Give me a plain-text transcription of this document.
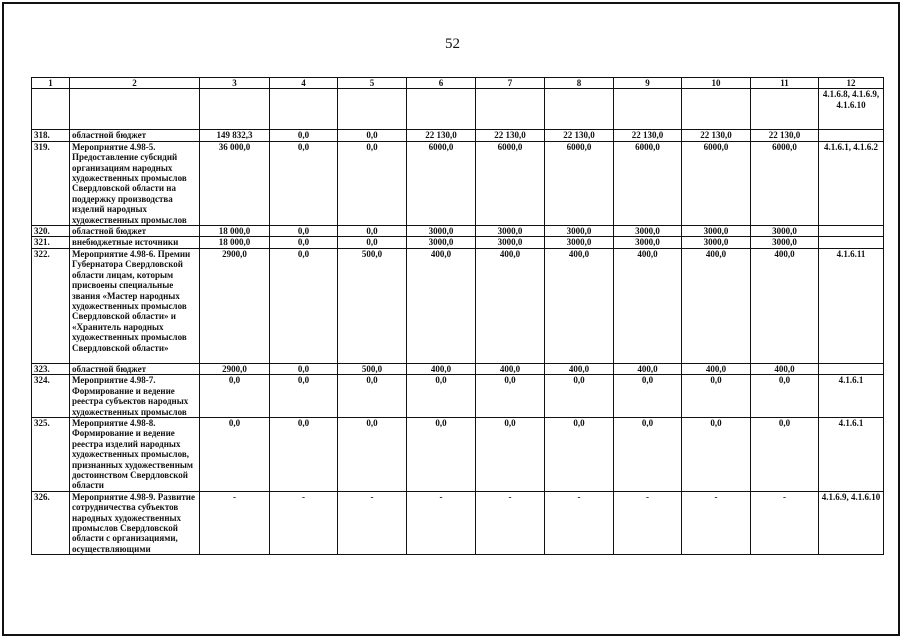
52
1	2	3	4	5	6	7	8	9	10	11	12
											4.1.6.8, 4.1.6.9, 4.1.6.10
318.	областной бюджет	149 832,3	0,0	0,0	22 130,0	22 130,0	22 130,0	22 130,0	22 130,0	22 130,0	
319.	Мероприятие 4.98-5. Предоставление субсидий организациям народных художественных промыслов Свердловской области на поддержку производства изделий народных художественных промыслов	36 000,0	0,0	0,0	6000,0	6000,0	6000,0	6000,0	6000,0	6000,0	4.1.6.1, 4.1.6.2
320.	областной бюджет	18 000,0	0,0	0,0	3000,0	3000,0	3000,0	3000,0	3000,0	3000,0	
321.	внебюджетные источники	18 000,0	0,0	0,0	3000,0	3000,0	3000,0	3000,0	3000,0	3000,0	
322.	Мероприятие 4.98-6. Премии Губернатора Свердловской области лицам, которым присвоены специальные звания «Мастер народных художественных промыслов Свердловской области» и «Хранитель народных художественных промыслов Свердловской области»	2900,0	0,0	500,0	400,0	400,0	400,0	400,0	400,0	400,0	4.1.6.11
323.	областной бюджет	2900,0	0,0	500,0	400,0	400,0	400,0	400,0	400,0	400,0	
324.	Мероприятие 4.98-7. Формирование и ведение реестра субъектов народных художественных промыслов	0,0	0,0	0,0	0,0	0,0	0,0	0,0	0,0	0,0	4.1.6.1
325.	Мероприятие 4.98-8. Формирование и ведение реестра изделий народных художественных промыслов, признанных художественным достоинством Свердловской области	0,0	0,0	0,0	0,0	0,0	0,0	0,0	0,0	0,0	4.1.6.1
326.	Мероприятие 4.98-9. Развитие сотрудничества субъектов народных художественных промыслов Свердловской области с организациями, осуществляющими	-	-	-	-	-	-	-	-	-	4.1.6.9, 4.1.6.10
